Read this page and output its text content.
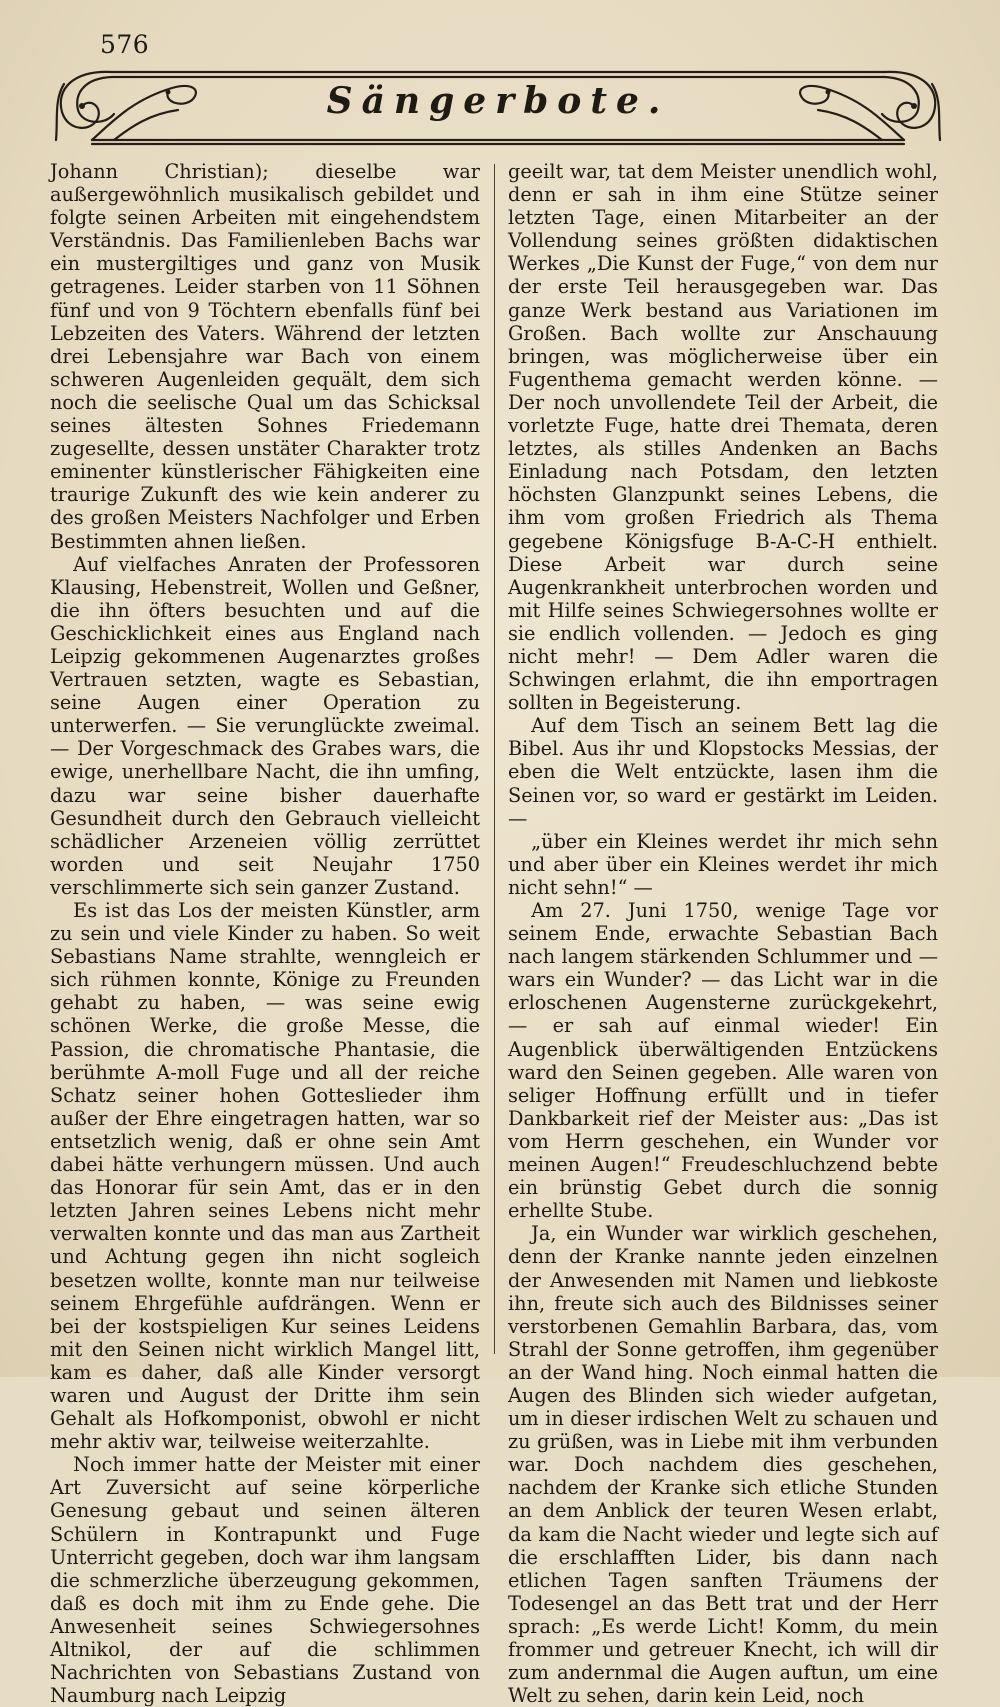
576
Sängerbote.

Johann Christian); dieselbe war außergewöhnlich musikalisch gebildet und folgte seinen Arbeiten mit eingehendstem Verständnis. Das Familienleben Bachs war ein mustergiltiges und ganz von Musik getragenes. Leider starben von 11 Söhnen fünf und von 9 Töchtern ebenfalls fünf bei Lebzeiten des Vaters. Während der letzten drei Lebensjahre war Bach von einem schweren Augenleiden gequält, dem sich noch die seelische Qual um das Schicksal seines ältesten Sohnes Friedemann zugesellte, dessen unstäter Charakter trotz eminenter künstlerischer Fähigkeiten eine traurige Zukunft des wie kein anderer zu des großen Meisters Nachfolger und Erben Bestimmten ahnen ließen.

Auf vielfaches Anraten der Professoren Klausing, Hebenstreit, Wollen und Geßner, die ihn öfters besuchten und auf die Geschicklichkeit eines aus England nach Leipzig gekommenen Augenarztes großes Vertrauen setzten, wagte es Sebastian, seine Augen einer Operation zu unterwerfen. — Sie verunglückte zweimal. — Der Vorgeschmack des Grabes wars, die ewige, unerhellbare Nacht, die ihn umfing, dazu war seine bisher dauerhafte Gesundheit durch den Gebrauch vielleicht schädlicher Arzeneien völlig zerrüttet worden und seit Neujahr 1750 verschlimmerte sich sein ganzer Zustand.

Es ist das Los der meisten Künstler, arm zu sein und viele Kinder zu haben. So weit Sebastians Name strahlte, wenngleich er sich rühmen konnte, Könige zu Freunden gehabt zu haben, — was seine ewig schönen Werke, die große Messe, die Passion, die chromatische Phantasie, die berühmte A-moll Fuge und all der reiche Schatz seiner hohen Gotteslieder ihm außer der Ehre eingetragen hatten, war so entsetzlich wenig, daß er ohne sein Amt dabei hätte verhungern müssen. Und auch das Honorar für sein Amt, das er in den letzten Jahren seines Lebens nicht mehr verwalten konnte und das man aus Zartheit und Achtung gegen ihn nicht sogleich besetzen wollte, konnte man nur teilweise seinem Ehrgefühle aufdrängen. Wenn er bei der kostspieligen Kur seines Leidens mit den Seinen nicht wirklich Mangel litt, kam es daher, daß alle Kinder versorgt waren und August der Dritte ihm sein Gehalt als Hofkomponist, obwohl er nicht mehr aktiv war, teilweise weiterzahlte.

Noch immer hatte der Meister mit einer Art Zuversicht auf seine körperliche Genesung gebaut und seinen älteren Schülern in Kontrapunkt und Fuge Unterricht gegeben, doch war ihm langsam die schmerzliche überzeugung gekommen, daß es doch mit ihm zu Ende gehe. Die Anwesenheit seines Schwiegersohnes Altnikol, der auf die schlimmen Nachrichten von Sebastians Zustand von Naumburg nach Leipzig

geeilt war, tat dem Meister unendlich wohl, denn er sah in ihm eine Stütze seiner letzten Tage, einen Mitarbeiter an der Vollendung seines größten didaktischen Werkes „Die Kunst der Fuge,“ von dem nur der erste Teil herausgegeben war. Das ganze Werk bestand aus Variationen im Großen. Bach wollte zur Anschauung bringen, was möglicherweise über ein Fugenthema gemacht werden könne. — Der noch unvollendete Teil der Arbeit, die vorletzte Fuge, hatte drei Themata, deren letztes, als stilles Andenken an Bachs Einladung nach Potsdam, den letzten höchsten Glanzpunkt seines Lebens, die ihm vom großen Friedrich als Thema gegebene Königsfuge B-A-C-H enthielt. Diese Arbeit war durch seine Augenkrankheit unterbrochen worden und mit Hilfe seines Schwiegersohnes wollte er sie endlich vollenden. — Jedoch es ging nicht mehr! — Dem Adler waren die Schwingen erlahmt, die ihn emportragen sollten in Begeisterung.

Auf dem Tisch an seinem Bett lag die Bibel. Aus ihr und Klopstocks Messias, der eben die Welt entzückte, lasen ihm die Seinen vor, so ward er gestärkt im Leiden. —

„über ein Kleines werdet ihr mich sehn und aber über ein Kleines werdet ihr mich nicht sehn!“ —

Am 27. Juni 1750, wenige Tage vor seinem Ende, erwachte Sebastian Bach nach langem stärkenden Schlummer und — wars ein Wunder? — das Licht war in die erloschenen Augensterne zurückgekehrt, — er sah auf einmal wieder! Ein Augenblick überwältigenden Entzückens ward den Seinen gegeben. Alle waren von seliger Hoffnung erfüllt und in tiefer Dankbarkeit rief der Meister aus: „Das ist vom Herrn geschehen, ein Wunder vor meinen Augen!“ Freudeschluchzend bebte ein brünstig Gebet durch die sonnig erhellte Stube.

Ja, ein Wunder war wirklich geschehen, denn der Kranke nannte jeden einzelnen der Anwesenden mit Namen und liebkoste ihn, freute sich auch des Bildnisses seiner verstorbenen Gemahlin Barbara, das, vom Strahl der Sonne getroffen, ihm gegenüber an der Wand hing. Noch einmal hatten die Augen des Blinden sich wieder aufgetan, um in dieser irdischen Welt zu schauen und zu grüßen, was in Liebe mit ihm verbunden war. Doch nachdem dies geschehen, nachdem der Kranke sich etliche Stunden an dem Anblick der teuren Wesen erlabt, da kam die Nacht wieder und legte sich auf die erschlafften Lider, bis dann nach etlichen Tagen sanften Träumens der Todesengel an das Bett trat und der Herr sprach: „Es werde Licht! Komm, du mein frommer und getreuer Knecht, ich will dir zum andernmal die Augen auftun, um eine Welt zu sehen, darin kein Leid, noch
